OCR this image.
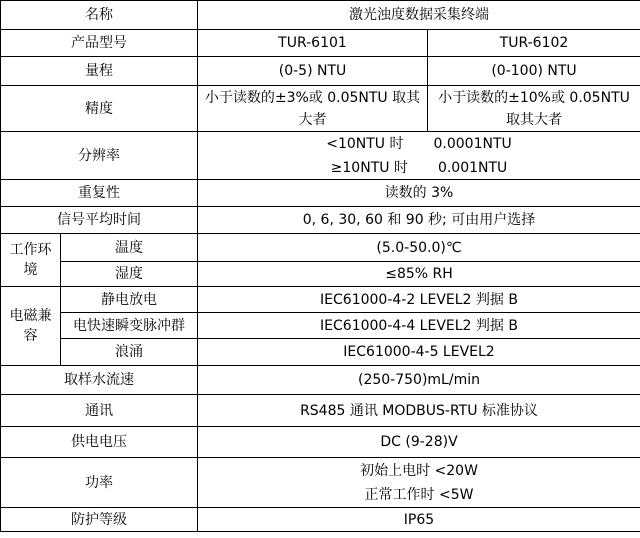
名称		激光浊度数据采集终端	
产品型号		TUR-6101	TUR-6102
量程		(0-5) NTU	(0-100) NTU
精度		小于读数的±3%或 0.05NTU 取其大者	小于读数的±10%或 0.05NTU 取其大者
分辨率		<10NTU 时 0.0001NTU
≥10NTU 时 0.001NTU	

重复性		读数的 3%	
信号平均时间		0, 6, 30, 60 和 90 秒; 可由用户选择	
工作环境	温度	(5.0-50.0)℃	
	湿度	≤85% RH	
电磁兼容	静电放电	IEC61000-4-2 LEVEL2 判据 B	
	电快速瞬变脉冲群	IEC61000-4-4 LEVEL2 判据 B	
	浪涌	IEC61000-4-5 LEVEL2	
取样水流速		(250-750)mL/min	
通讯		RS485 通讯 MODBUS-RTU 标准协议	
供电电压		DC (9-28)V	
功率		初始上电时 <20W
正常工作时 <5W	

防护等级		IP65	
